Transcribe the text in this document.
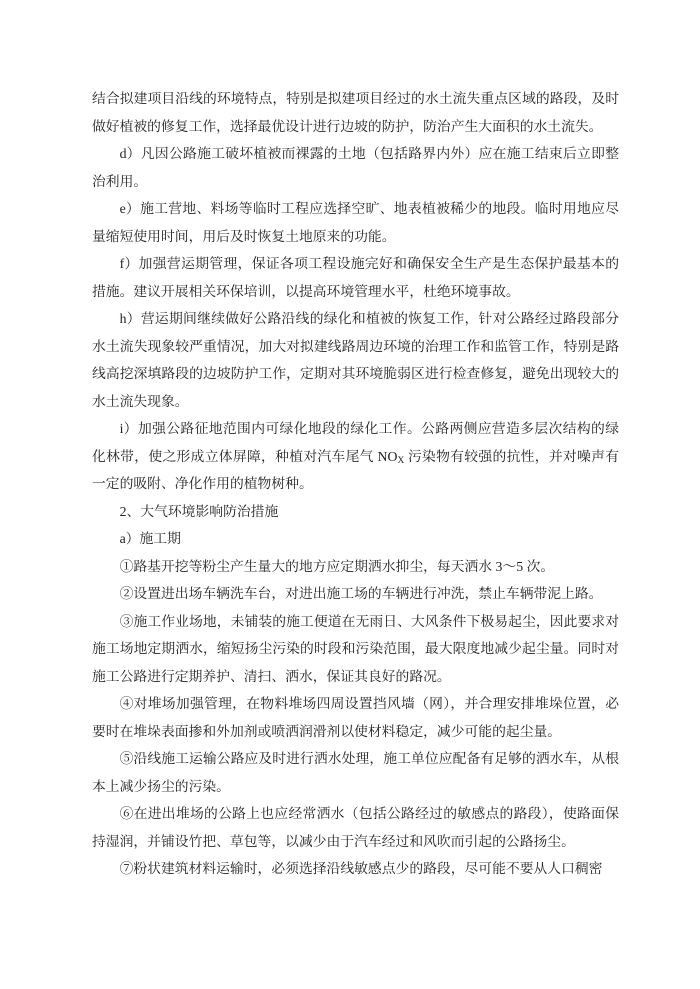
结合拟建项目沿线的环境特点，特别是拟建项目经过的水土流失重点区域的路段，及时做好植被的修复工作，选择最优设计进行边坡的防护，防治产生大面积的水土流失。

d）凡因公路施工破坏植被而裸露的土地（包括路界内外）应在施工结束后立即整治利用。

e）施工营地、料场等临时工程应选择空旷、地表植被稀少的地段。临时用地应尽量缩短使用时间，用后及时恢复土地原来的功能。

f）加强营运期管理，保证各项工程设施完好和确保安全生产是生态保护最基本的措施。建议开展相关环保培训，以提高环境管理水平，杜绝环境事故。

h）营运期间继续做好公路沿线的绿化和植被的恢复工作，针对公路经过路段部分水土流失现象较严重情况，加大对拟建线路周边环境的治理工作和监管工作，特别是路线高挖深填路段的边坡防护工作，定期对其环境脆弱区进行检查修复，避免出现较大的水土流失现象。

i）加强公路征地范围内可绿化地段的绿化工作。公路两侧应营造多层次结构的绿化林带，使之形成立体屏障，种植对汽车尾气 $NO_X$ 污染物有较强的抗性，并对噪声有一定的吸附、净化作用的植物树种。

2、大气环境影响防治措施

a）施工期

①路基开挖等粉尘产生量大的地方应定期洒水抑尘，每天洒水 3～5 次。

②设置进出场车辆洗车台，对进出施工场的车辆进行冲洗，禁止车辆带泥上路。

③施工作业场地，未铺装的施工便道在无雨日、大风条件下极易起尘，因此要求对施工场地定期洒水，缩短扬尘污染的时段和污染范围，最大限度地减少起尘量。同时对施工公路进行定期养护、清扫、洒水，保证其良好的路况。

④对堆场加强管理，在物料堆场四周设置挡风墙（网），并合理安排堆垛位置，必要时在堆垛表面掺和外加剂或喷洒润滑剂以使材料稳定，减少可能的起尘量。

⑤沿线施工运输公路应及时进行洒水处理，施工单位应配备有足够的洒水车，从根本上减少扬尘的污染。

⑥在进出堆场的公路上也应经常洒水（包括公路经过的敏感点的路段），使路面保持湿润，并铺设竹把、草包等，以减少由于汽车经过和风吹而引起的公路扬尘。

⑦粉状建筑材料运输时，必须选择沿线敏感点少的路段，尽可能不要从人口稠密
